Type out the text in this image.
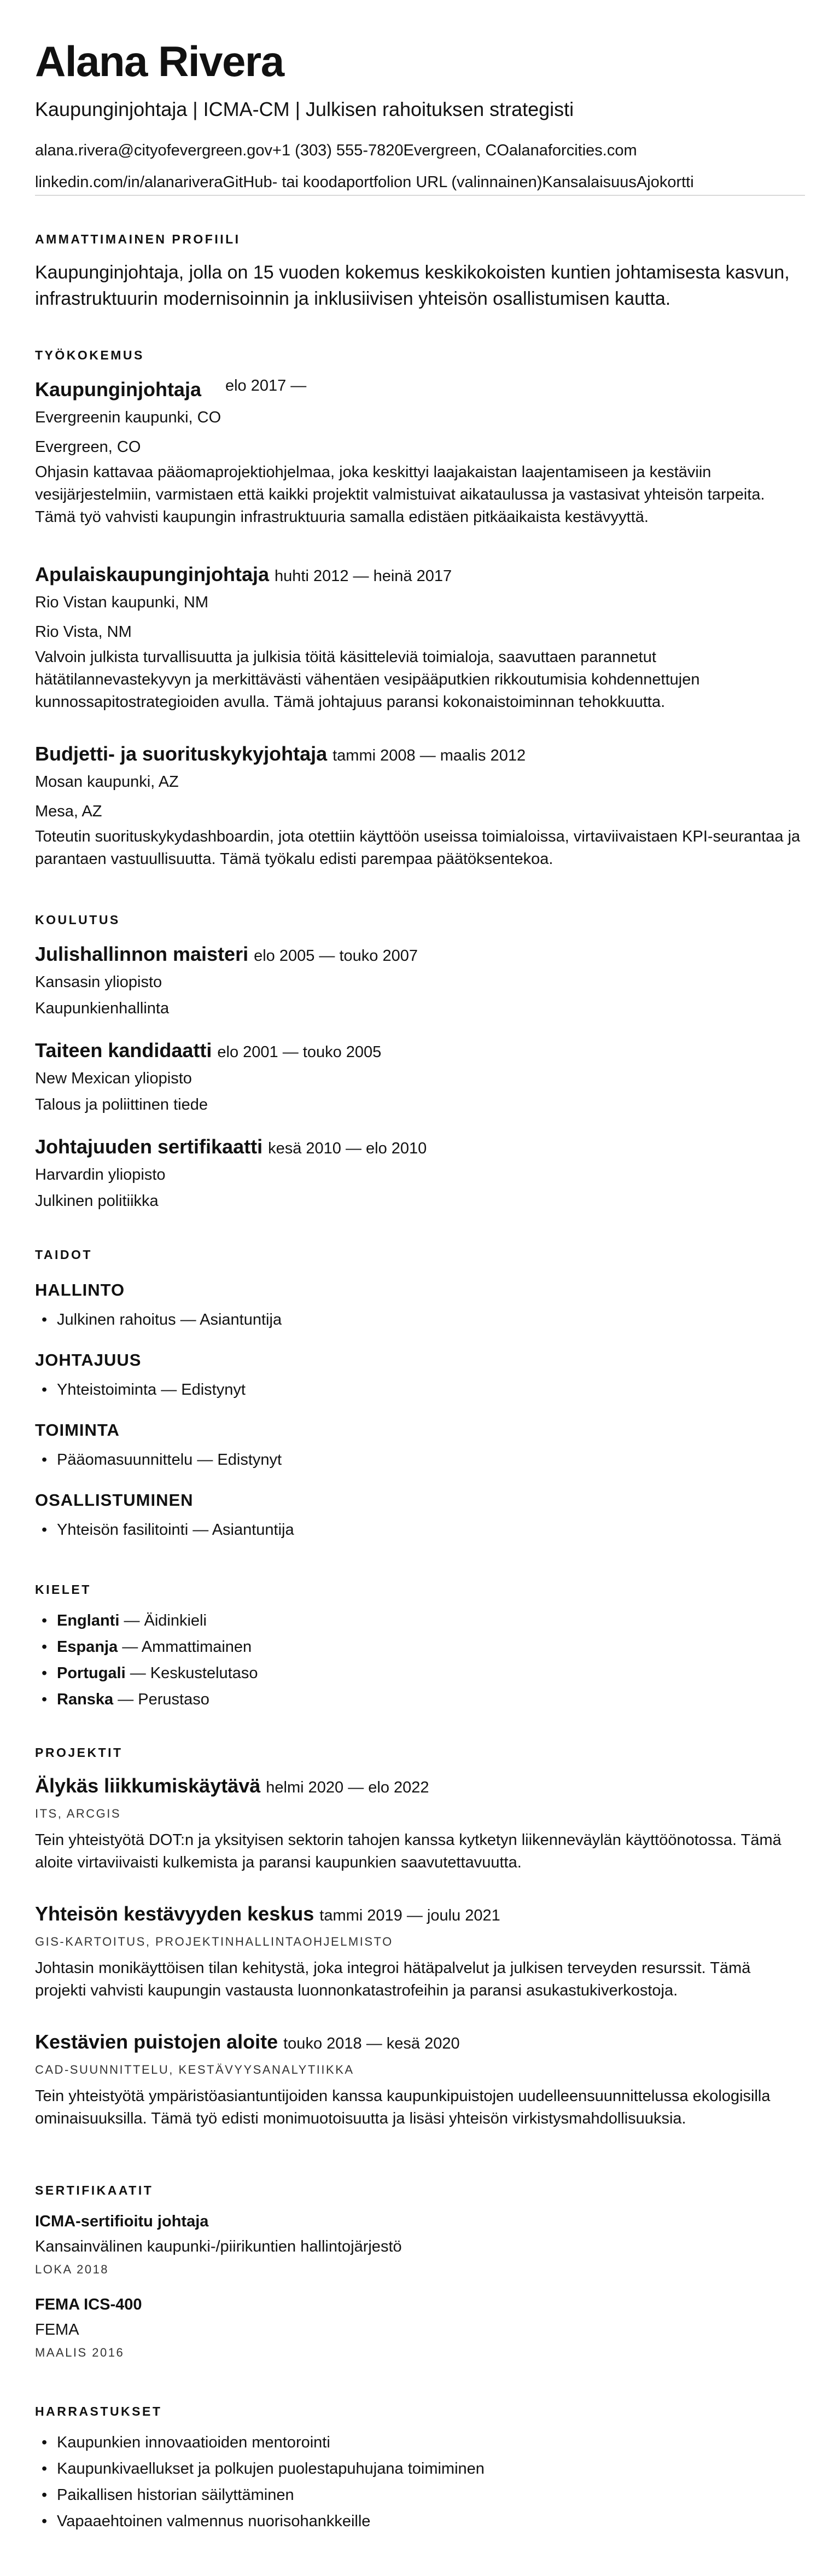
Alana Rivera
Kaupunginjohtaja | ICMA-CM | Julkisen rahoituksen strategisti
alana.rivera@cityofevergreen.gov+1 (303) 555-7820Evergreen, COalanaforcities.com
linkedin.com/in/alanariveraGitHub- tai koodaportfolion URL (valinnainen)KansalaisuusAjokortti
AMMATTIMAINEN PROFIILI
Kaupunginjohtaja, jolla on 15 vuoden kokemus keskikokoisten kuntien johtamisesta kasvun, infrastruktuurin modernisoinnin ja inklusiivisen yhteisön osallistumisen kautta.
TYÖKOKEMUS
Kaupunginjohtaja elo 2017 —
Evergreenin kaupunki, CO
Evergreen, CO
Ohjasin kattavaa pääomaprojektiohjelmaa, joka keskittyi laajakaistan laajentamiseen ja kestäviin vesijärjestelmiin, varmistaen että kaikki projektit valmistuivat aikataulussa ja vastasivat yhteisön tarpeita. Tämä työ vahvisti kaupungin infrastruktuuria samalla edistäen pitkäaikaista kestävyyttä.
Apulaiskaupunginjohtaja huhti 2012 — heinä 2017
Rio Vistan kaupunki, NM
Rio Vista, NM
Valvoin julkista turvallisuutta ja julkisia töitä käsitteleviä toimialoja, saavuttaen parannetut hätätilannevastekyvyn ja merkittävästi vähentäen vesipääputkien rikkoutumisia kohdennettujen kunnossapitostrategioiden avulla. Tämä johtajuus paransi kokonaistoiminnan tehokkuutta.
Budjetti- ja suorituskykyjohtaja tammi 2008 — maalis 2012
Mosan kaupunki, AZ
Mesa, AZ
Toteutin suorituskykydashboardin, jota otettiin käyttöön useissa toimialoissa, virtaviivaistaen KPI-seurantaa ja parantaen vastuullisuutta. Tämä työkalu edisti parempaa päätöksentekoa.
KOULUTUS
Julishallinnon maisteri elo 2005 — touko 2007
Kansasin yliopisto
Kaupunkienhallinta
Taiteen kandidaatti elo 2001 — touko 2005
New Mexican yliopisto
Talous ja poliittinen tiede
Johtajuuden sertifikaatti kesä 2010 — elo 2010
Harvardin yliopisto
Julkinen politiikka
TAIDOT
HALLINTO
• Julkinen rahoitus — Asiantuntija
JOHTAJUUS
• Yhteistoiminta — Edistynyt
TOIMINTA
• Pääomasuunnittelu — Edistynyt
OSALLISTUMINEN
• Yhteisön fasilitointi — Asiantuntija
KIELET
• Englanti — Äidinkieli
• Espanja — Ammattimainen
• Portugali — Keskustelutaso
• Ranska — Perustaso
PROJEKTIT
Älykäs liikkumiskäytävä helmi 2020 — elo 2022
ITS, ARCGIS
Tein yhteistyötä DOT:n ja yksityisen sektorin tahojen kanssa kytketyn liikenneväylän käyttöönotossa. Tämä aloite virtaviivaisti kulkemista ja paransi kaupunkien saavutettavuutta.
Yhteisön kestävyyden keskus tammi 2019 — joulu 2021
GIS-KARTOITUS, PROJEKTINHALLINTAOHJELMISTO
Johtasin monikäyttöisen tilan kehitystä, joka integroi hätäpalvelut ja julkisen terveyden resurssit. Tämä projekti vahvisti kaupungin vastausta luonnonkatastrofeihin ja paransi asukastukiverkostoja.
Kestävien puistojen aloite touko 2018 — kesä 2020
CAD-SUUNNITTELU, KESTÄVYYSANALYTIIKKA
Tein yhteistyötä ympäristöasiantuntijoiden kanssa kaupunkipuistojen uudelleensuunnittelussa ekologisilla ominaisuuksilla. Tämä työ edisti monimuotoisuutta ja lisäsi yhteisön virkistysmahdollisuuksia.
SERTIFIKAATIT
ICMA-sertifioitu johtaja
Kansainvälinen kaupunki-/piirikuntien hallintojärjestö
LOKA 2018
FEMA ICS-400
FEMA
MAALIS 2016
HARRASTUKSET
• Kaupunkien innovaatioiden mentorointi
• Kaupunkivaellukset ja polkujen puolestapuhujana toimiminen
• Paikallisen historian säilyttäminen
• Vapaaehtoinen valmennus nuorisohankkeille
